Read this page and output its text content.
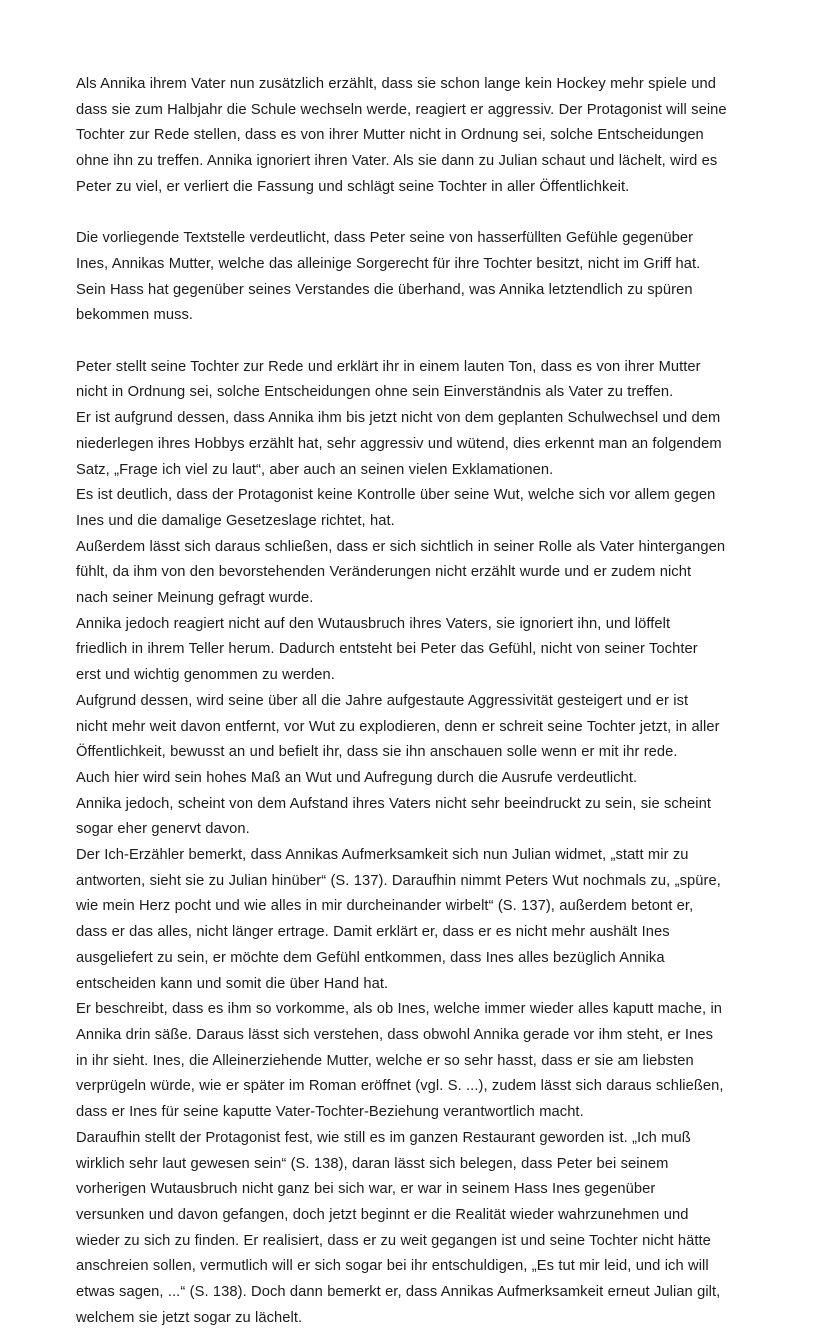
Als Annika ihrem Vater nun zusätzlich erzählt, dass sie schon lange kein Hockey mehr spiele und
dass sie zum Halbjahr die Schule wechseln werde, reagiert er aggressiv. Der Protagonist will seine
Tochter zur Rede stellen, dass es von ihrer Mutter nicht in Ordnung sei, solche Entscheidungen
ohne ihn zu treffen. Annika ignoriert ihren Vater. Als sie dann zu Julian schaut und lächelt, wird es
Peter zu viel, er verliert die Fassung und schlägt seine Tochter in aller Öffentlichkeit.
Die vorliegende Textstelle verdeutlicht, dass Peter seine von hasserfüllten Gefühle gegenüber
Ines, Annikas Mutter, welche das alleinige Sorgerecht für ihre Tochter besitzt, nicht im Griff hat.
Sein Hass hat gegenüber seines Verstandes die überhand, was Annika letztendlich zu spüren
bekommen muss.
Peter stellt seine Tochter zur Rede und erklärt ihr in einem lauten Ton, dass es von ihrer Mutter
nicht in Ordnung sei, solche Entscheidungen ohne sein Einverständnis als Vater zu treffen.
Er ist aufgrund dessen, dass Annika ihm bis jetzt nicht von dem geplanten Schulwechsel und dem
niederlegen ihres Hobbys erzählt hat, sehr aggressiv und wütend, dies erkennt man an folgendem
Satz, „Frage ich viel zu laut“, aber auch an seinen vielen Exklamationen.
Es ist deutlich, dass der Protagonist keine Kontrolle über seine Wut, welche sich vor allem gegen
Ines und die damalige Gesetzeslage richtet, hat.
Außerdem lässt sich daraus schließen, dass er sich sichtlich in seiner Rolle als Vater hintergangen
fühlt, da ihm von den bevorstehenden Veränderungen nicht erzählt wurde und er zudem nicht
nach seiner Meinung gefragt wurde.
Annika jedoch reagiert nicht auf den Wutausbruch ihres Vaters, sie ignoriert ihn, und löffelt
friedlich in ihrem Teller herum. Dadurch entsteht bei Peter das Gefühl, nicht von seiner Tochter
erst und wichtig genommen zu werden.
Aufgrund dessen, wird seine über all die Jahre aufgestaute Aggressivität gesteigert und er ist
nicht mehr weit davon entfernt, vor Wut zu explodieren, denn er schreit seine Tochter jetzt, in aller
Öffentlichkeit, bewusst an und befielt ihr, dass sie ihn anschauen solle wenn er mit ihr rede.
Auch hier wird sein hohes Maß an Wut und Aufregung durch die Ausrufe verdeutlicht.
Annika jedoch, scheint von dem Aufstand ihres Vaters nicht sehr beeindruckt zu sein, sie scheint
sogar eher genervt davon.
Der Ich-Erzähler bemerkt, dass Annikas Aufmerksamkeit sich nun Julian widmet, „statt mir zu
antworten, sieht sie zu Julian hinüber“ (S. 137). Daraufhin nimmt Peters Wut nochmals zu, „spüre,
wie mein Herz pocht und wie alles in mir durcheinander wirbelt“ (S. 137), außerdem betont er,
dass er das alles, nicht länger ertrage. Damit erklärt er, dass er es nicht mehr aushält Ines
ausgeliefert zu sein, er möchte dem Gefühl entkommen, dass Ines alles bezüglich Annika
entscheiden kann und somit die über Hand hat.
Er beschreibt, dass es ihm so vorkomme, als ob Ines, welche immer wieder alles kaputt mache, in
Annika drin säße. Daraus lässt sich verstehen, dass obwohl Annika gerade vor ihm steht, er Ines
in ihr sieht. Ines, die Alleinerziehende Mutter, welche er so sehr hasst, dass er sie am liebsten
verprügeln würde, wie er später im Roman eröffnet (vgl. S. ...), zudem lässt sich daraus schließen,
dass er Ines für seine kaputte Vater-Tochter-Beziehung verantwortlich macht.
Daraufhin stellt der Protagonist fest, wie still es im ganzen Restaurant geworden ist. „Ich muß
wirklich sehr laut gewesen sein“ (S. 138), daran lässt sich belegen, dass Peter bei seinem
vorherigen Wutausbruch nicht ganz bei sich war, er war in seinem Hass Ines gegenüber
versunken und davon gefangen, doch jetzt beginnt er die Realität wieder wahrzunehmen und
wieder zu sich zu finden. Er realisiert, dass er zu weit gegangen ist und seine Tochter nicht hätte
anschreien sollen, vermutlich will er sich sogar bei ihr entschuldigen, „Es tut mir leid, und ich will
etwas sagen, ...“ (S. 138). Doch dann bemerkt er, dass Annikas Aufmerksamkeit erneut Julian gilt,
welchem sie jetzt sogar zu lächelt.
